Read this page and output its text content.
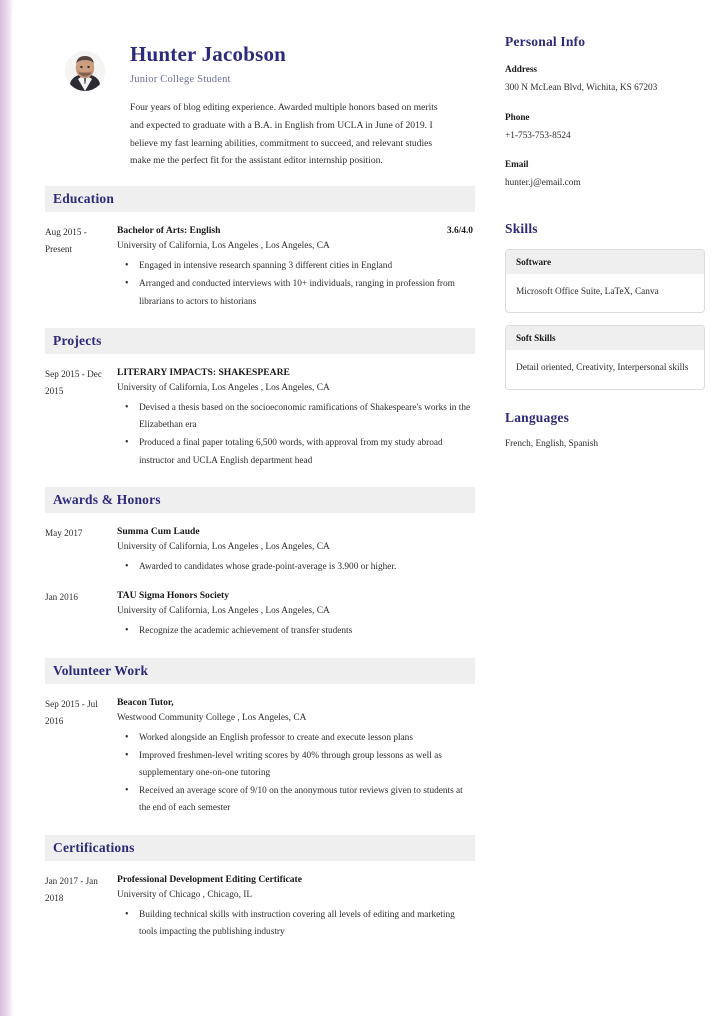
Hunter Jacobson
Junior College Student
Four years of blog editing experience. Awarded multiple honors based on merits and expected to graduate with a B.A. in English from UCLA in June of 2019. I believe my fast learning abilities, commitment to succeed, and relevant studies make me the perfect fit for the assistant editor internship position.
Education
Aug 2015 - Present
Bachelor of Arts: English	3.6/4.0
University of California, Los Angeles , Los Angeles, CA
• Engaged in intensive research spanning 3 different cities in England
• Arranged and conducted interviews with 10+ individuals, ranging in profession from librarians to actors to historians
Projects
Sep 2015 - Dec 2015
LITERARY IMPACTS: SHAKESPEARE
University of California, Los Angeles , Los Angeles, CA
• Devised a thesis based on the socioeconomic ramifications of Shakespeare's works in the Elizabethan era
• Produced a final paper totaling 6,500 words, with approval from my study abroad instructor and UCLA English department head
Awards & Honors
May 2017	Summa Cum Laude
University of California, Los Angeles , Los Angeles, CA
• Awarded to candidates whose grade-point-average is 3.900 or higher.
Jan 2016	TAU Sigma Honors Society
University of California, Los Angeles , Los Angeles, CA
• Recognize the academic achievement of transfer students
Volunteer Work
Sep 2015 - Jul 2016
Beacon Tutor,
Westwood Community College , Los Angeles, CA
• Worked alongside an English professor to create and execute lesson plans
• Improved freshmen-level writing scores by 40% through group lessons as well as supplementary one-on-one tutoring
• Received an average score of 9/10 on the anonymous tutor reviews given to students at the end of each semester
Certifications
Jan 2017 - Jan 2018
Professional Development Editing Certificate
University of Chicago , Chicago, IL
• Building technical skills with instruction covering all levels of editing and marketing tools impacting the publishing industry
Personal Info
Address
300 N McLean Blvd, Wichita, KS 67203
Phone
+1-753-753-8524
Email
hunter.j@email.com
Skills
Software
Microsoft Office Suite, LaTeX, Canva
Soft Skills
Detail oriented, Creativity, Interpersonal skills
Languages
French, English, Spanish
